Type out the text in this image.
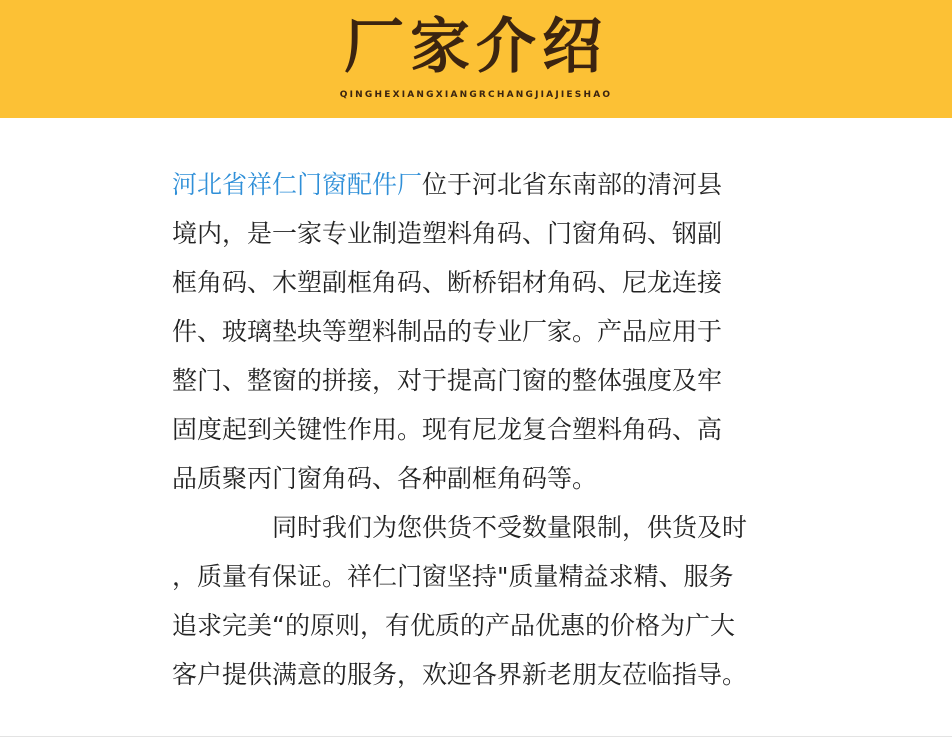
厂家介绍
QINGHEXIANGXIANGRCHANGJIAJIESHAO
河北省祥仁门窗配件厂位于河北省东南部的清河县
境内，是一家专业制造塑料角码、门窗角码、钢副
框角码、木塑副框角码、断桥铝材角码、尼龙连接
件、玻璃垫块等塑料制品的专业厂家。产品应用于
整门、整窗的拼接，对于提高门窗的整体强度及牢
固度起到关键性作用。现有尼龙复合塑料角码、高
品质聚丙门窗角码、各种副框角码等。
同时我们为您供货不受数量限制，供货及时
，质量有保证。祥仁门窗坚持"质量精益求精、服务
追求完美“的原则，有优质的产品优惠的价格为广大
客户提供满意的服务，欢迎各界新老朋友莅临指导。
